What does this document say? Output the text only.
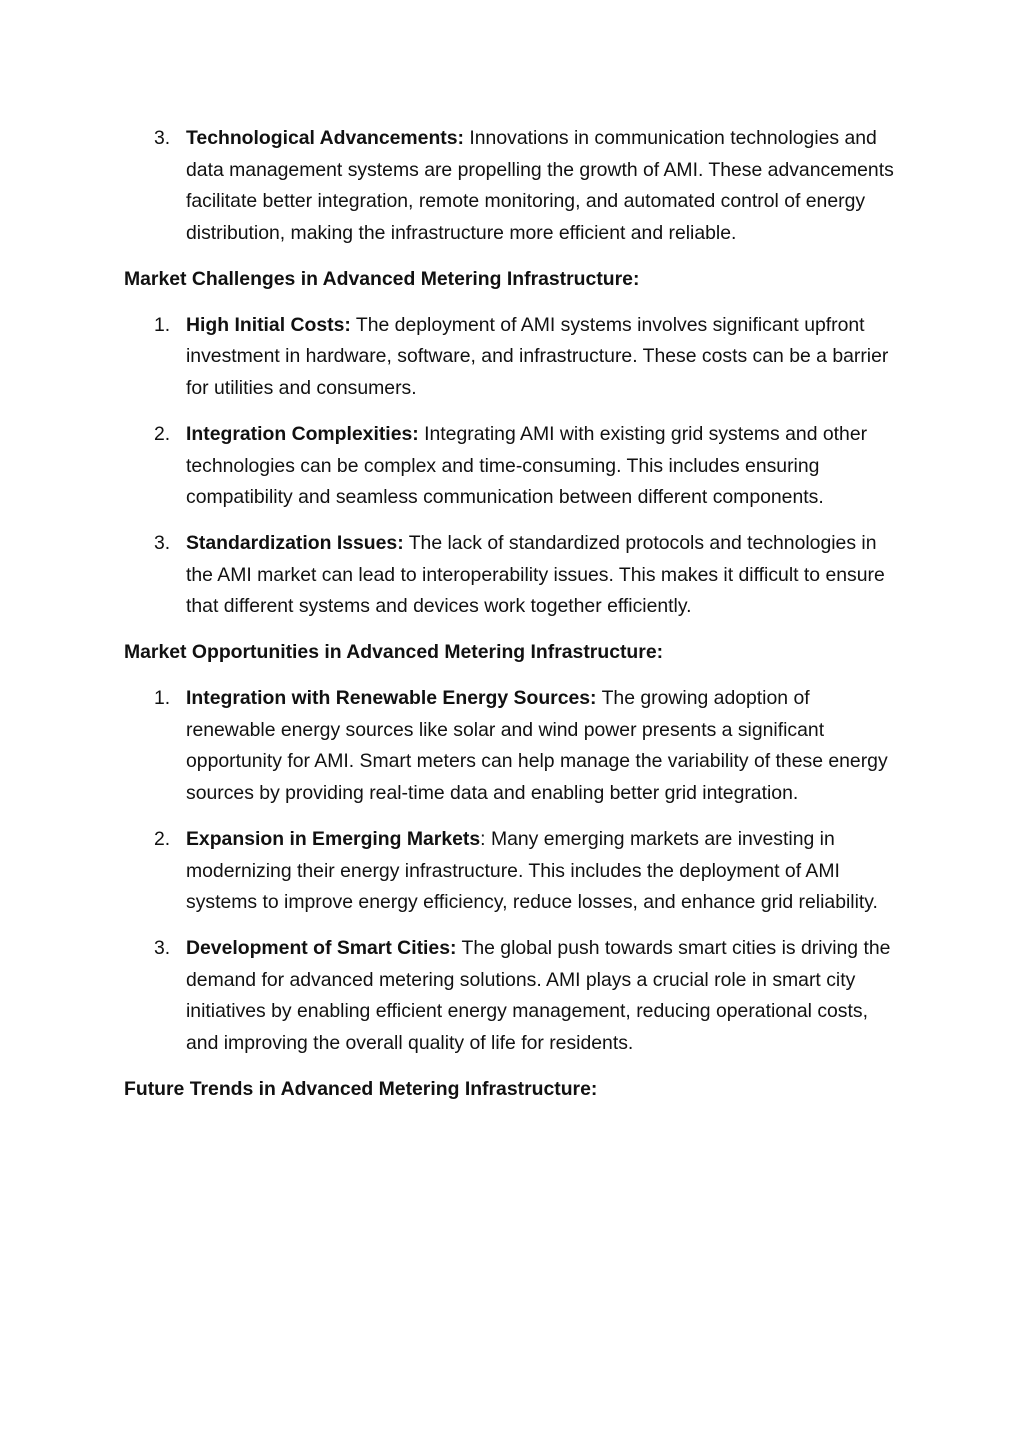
3. Technological Advancements: Innovations in communication technologies and data management systems are propelling the growth of AMI. These advancements facilitate better integration, remote monitoring, and automated control of energy distribution, making the infrastructure more efficient and reliable.
Market Challenges in Advanced Metering Infrastructure:
1. High Initial Costs: The deployment of AMI systems involves significant upfront investment in hardware, software, and infrastructure. These costs can be a barrier for utilities and consumers.
2. Integration Complexities: Integrating AMI with existing grid systems and other technologies can be complex and time-consuming. This includes ensuring compatibility and seamless communication between different components.
3. Standardization Issues: The lack of standardized protocols and technologies in the AMI market can lead to interoperability issues. This makes it difficult to ensure that different systems and devices work together efficiently.
Market Opportunities in Advanced Metering Infrastructure:
1. Integration with Renewable Energy Sources: The growing adoption of renewable energy sources like solar and wind power presents a significant opportunity for AMI. Smart meters can help manage the variability of these energy sources by providing real-time data and enabling better grid integration.
2. Expansion in Emerging Markets: Many emerging markets are investing in modernizing their energy infrastructure. This includes the deployment of AMI systems to improve energy efficiency, reduce losses, and enhance grid reliability.
3. Development of Smart Cities: The global push towards smart cities is driving the demand for advanced metering solutions. AMI plays a crucial role in smart city initiatives by enabling efficient energy management, reducing operational costs, and improving the overall quality of life for residents.
Future Trends in Advanced Metering Infrastructure:
